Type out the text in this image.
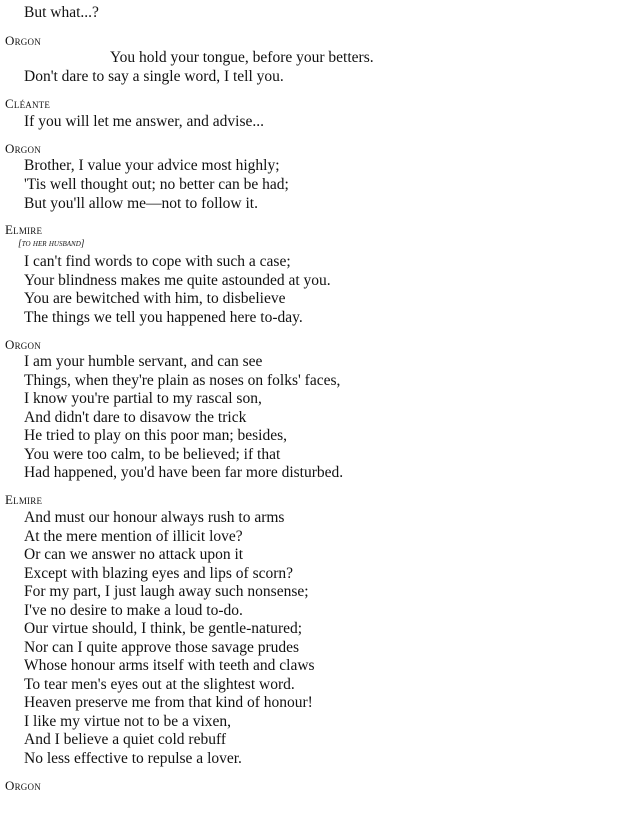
But what...?
Orgon
You hold your tongue, before your betters.
Don't dare to say a single word, I tell you.
Cléante
If you will let me answer, and advise...
Orgon
Brother, I value your advice most highly;
'Tis well thought out; no better can be had;
But you'll allow me—not to follow it.
Elmire
[to her husband]
I can't find words to cope with such a case;
Your blindness makes me quite astounded at you.
You are bewitched with him, to disbelieve
The things we tell you happened here to-day.
Orgon
I am your humble servant, and can see
Things, when they're plain as noses on folks' faces,
I know you're partial to my rascal son,
And didn't dare to disavow the trick
He tried to play on this poor man; besides,
You were too calm, to be believed; if that
Had happened, you'd have been far more disturbed.
Elmire
And must our honour always rush to arms
At the mere mention of illicit love?
Or can we answer no attack upon it
Except with blazing eyes and lips of scorn?
For my part, I just laugh away such nonsense;
I've no desire to make a loud to-do.
Our virtue should, I think, be gentle-natured;
Nor can I quite approve those savage prudes
Whose honour arms itself with teeth and claws
To tear men's eyes out at the slightest word.
Heaven preserve me from that kind of honour!
I like my virtue not to be a vixen,
And I believe a quiet cold rebuff
No less effective to repulse a lover.
Orgon
